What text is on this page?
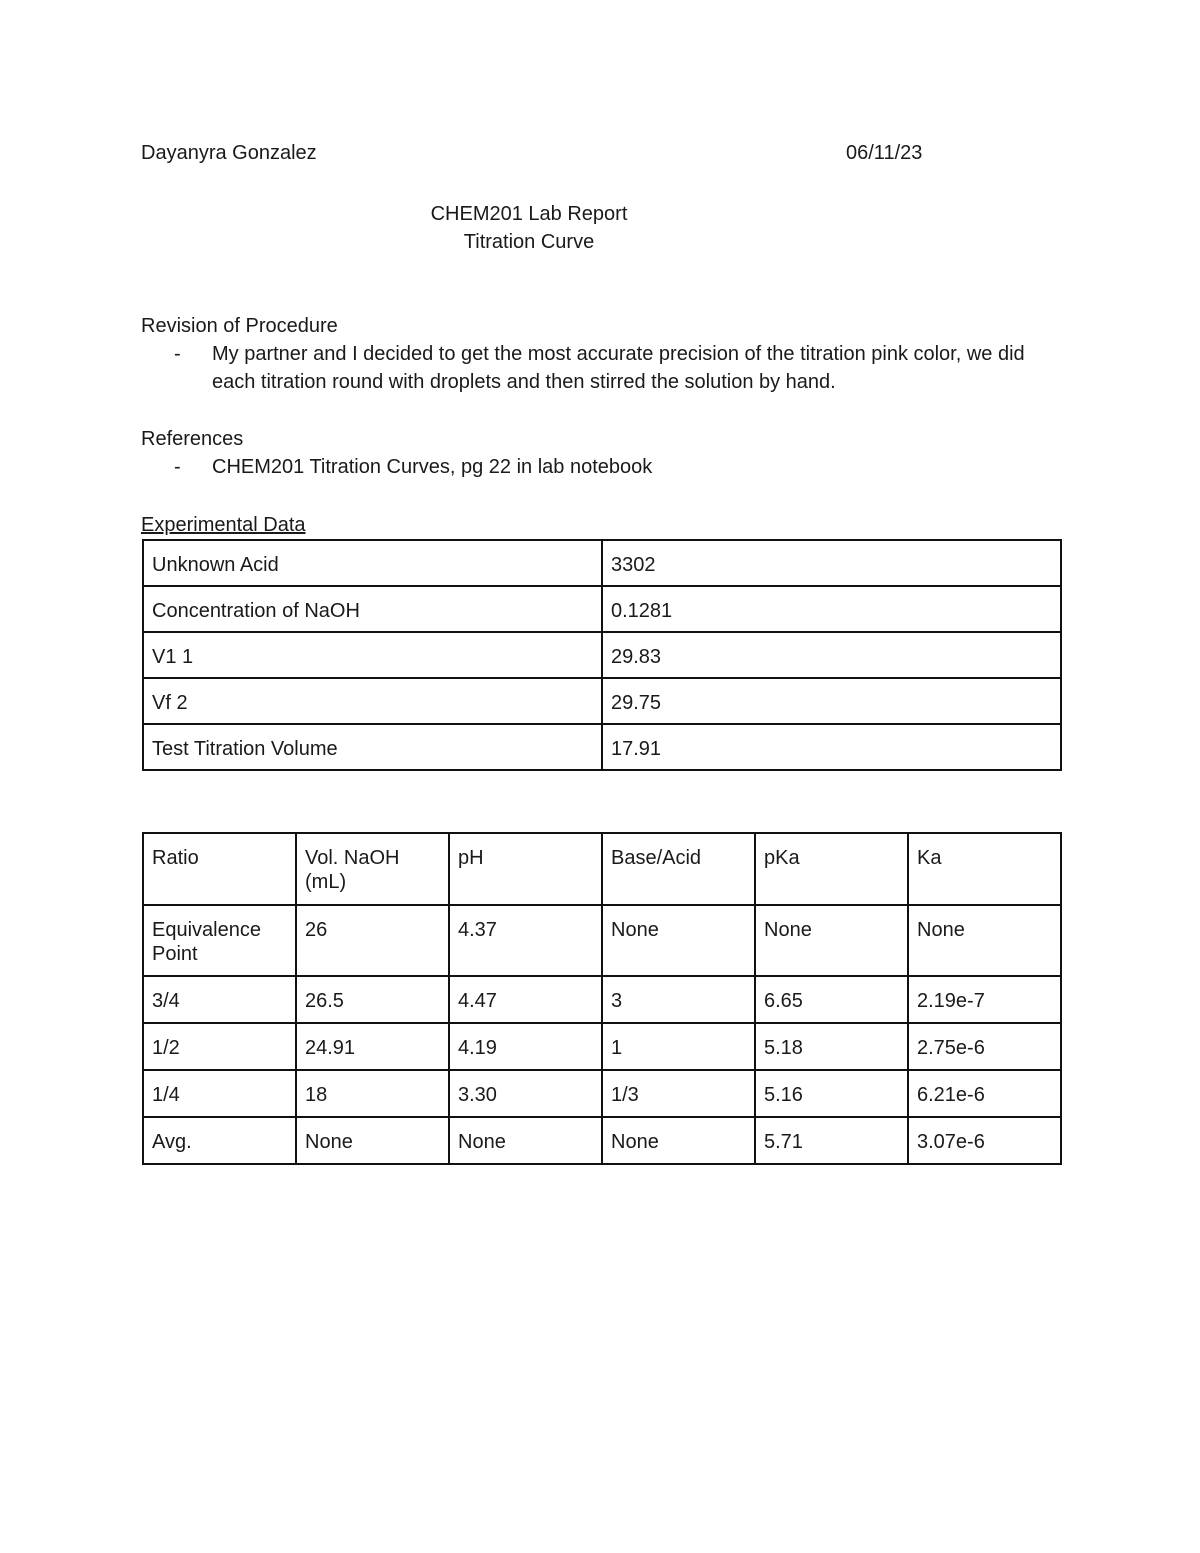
Dayanyra Gonzalez	06/11/23
CHEM201 Lab Report
Titration Curve
Revision of Procedure
- My partner and I decided to get the most accurate precision of the titration pink color, we did each titration round with droplets and then stirred the solution by hand.
References
- CHEM201 Titration Curves, pg 22 in lab notebook
Experimental Data
Unknown Acid	3302
Concentration of NaOH	0.1281
V1 1	29.83
Vf 2	29.75
Test Titration Volume	17.91
Ratio	Vol. NaOH (mL)	pH	Base/Acid	pKa	Ka
Equivalence Point	26	4.37	None	None	None
3/4	26.5	4.47	3	6.65	2.19e-7
1/2	24.91	4.19	1	5.18	2.75e-6
1/4	18	3.30	1/3	5.16	6.21e-6
Avg.	None	None	None	5.71	3.07e-6
